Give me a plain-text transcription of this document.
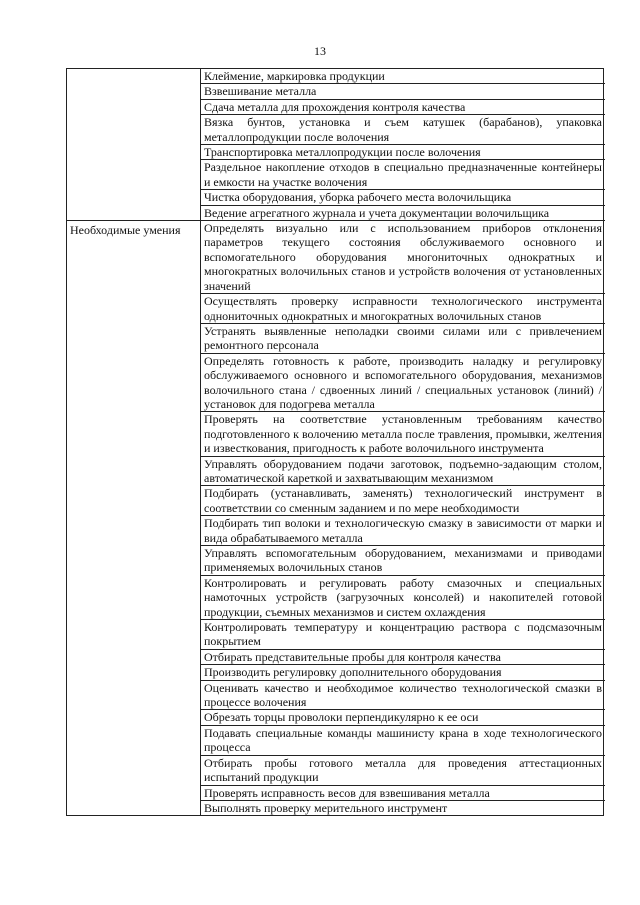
13
Клеймение, маркировка продукции
Взвешивание металла
Сдача металла для прохождения контроля качества
Вязка бунтов, установка и съем катушек (барабанов), упаковка металлопродукции после волочения
Транспортировка металлопродукции после волочения
Раздельное накопление отходов в специально предназначенные контейнеры и емкости на участке волочения
Чистка оборудования, уборка рабочего места волочильщика
Ведение агрегатного журнала и учета документации волочильщика
Необходимые умения	Определять визуально или с использованием приборов отклонения параметров текущего состояния обслуживаемого основного и вспомогательного оборудования многониточных однократных и многократных волочильных станов и устройств волочения от установленных значений
Осуществлять проверку исправности технологического инструмента однониточных однократных и многократных волочильных станов
Устранять выявленные неполадки своими силами или с привлечением ремонтного персонала
Определять готовность к работе, производить наладку и регулировку обслуживаемого основного и вспомогательного оборудования, механизмов волочильного стана / сдвоенных линий / специальных установок (линий) / установок для подогрева металла
Проверять на соответствие установленным требованиям качество подготовленного к волочению металла после травления, промывки, желтения и известкования, пригодность к работе волочильного инструмента
Управлять оборудованием подачи заготовок, подъемно-задающим столом, автоматической кареткой и захватывающим механизмом
Подбирать (устанавливать, заменять) технологический инструмент в соответствии со сменным заданием и по мере необходимости
Подбирать тип волоки и технологическую смазку в зависимости от марки и вида обрабатываемого металла
Управлять вспомогательным оборудованием, механизмами и приводами применяемых волочильных станов
Контролировать и регулировать работу смазочных и специальных намоточных устройств (загрузочных консолей) и накопителей готовой продукции, съемных механизмов и систем охлаждения
Контролировать температуру и концентрацию раствора с подсмазочным покрытием
Отбирать представительные пробы для контроля качества
Производить регулировку дополнительного оборудования
Оценивать качество и необходимое количество технологической смазки в процессе волочения
Обрезать торцы проволоки перпендикулярно к ее оси
Подавать специальные команды машинисту крана в ходе технологического процесса
Отбирать пробы готового металла для проведения аттестационных испытаний продукции
Проверять исправность весов для взвешивания металла
Выполнять проверку мерительного инструмент
